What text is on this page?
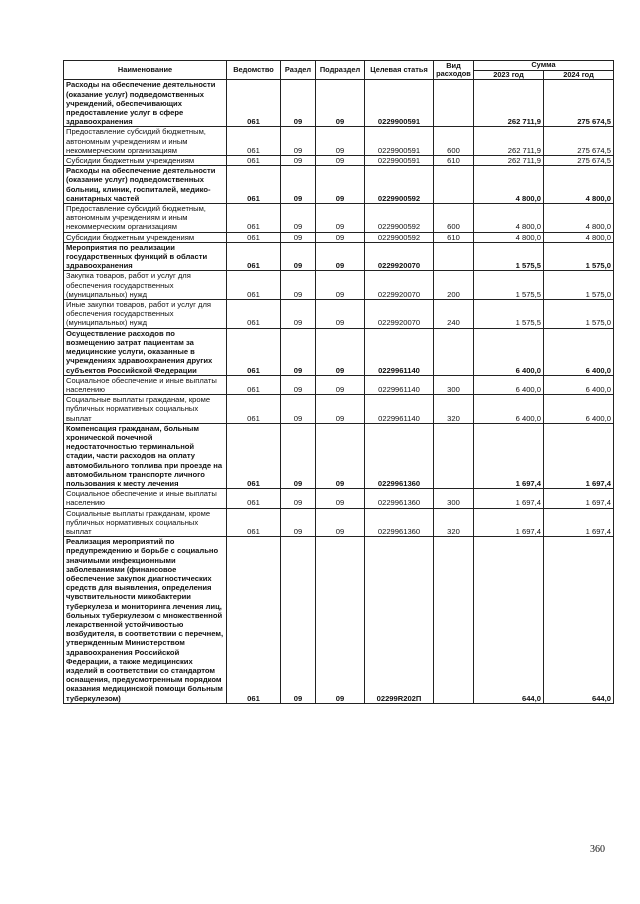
Наименование	Ведомство	Раздел	Подраздел	Целевая статья	Вид расходов	Сумма	
						2023 год	2024 год
Расходы на обеспечение деятельности (оказание услуг) подведомственных учреждений, обеспечивающих предоставление услуг в сфере здравоохранения	061	09	09	0229900591		262 711,9	275 674,5
Предоставление субсидий бюджетным, автономным учреждениям и иным некоммерческим организациям	061	09	09	0229900591	600	262 711,9	275 674,5
Субсидии бюджетным учреждениям	061	09	09	0229900591	610	262 711,9	275 674,5
Расходы на обеспечение деятельности (оказание услуг) подведомственных больниц, клиник, госпиталей, медико-санитарных частей	061	09	09	0229900592		4 800,0	4 800,0
Предоставление субсидий бюджетным, автономным учреждениям и иным некоммерческим организациям	061	09	09	0229900592	600	4 800,0	4 800,0
Субсидии бюджетным учреждениям	061	09	09	0229900592	610	4 800,0	4 800,0
Мероприятия по реализации государственных функций в области здравоохранения	061	09	09	0229920070		1 575,5	1 575,0
Закупка товаров, работ и услуг для обеспечения государственных (муниципальных) нужд	061	09	09	0229920070	200	1 575,5	1 575,0
Иные закупки товаров, работ и услуг для обеспечения государственных (муниципальных) нужд	061	09	09	0229920070	240	1 575,5	1 575,0
Осуществление расходов по возмещению затрат пациентам за медицинские услуги, оказанные в учреждениях здравоохранения других субъектов Российской Федерации	061	09	09	0229961140		6 400,0	6 400,0
Социальное обеспечение и иные выплаты населению	061	09	09	0229961140	300	6 400,0	6 400,0
Социальные выплаты гражданам, кроме публичных нормативных социальных выплат	061	09	09	0229961140	320	6 400,0	6 400,0
Компенсация гражданам, больным хронической почечной недостаточностью терминальной стадии, части расходов на оплату автомобильного топлива при проезде на автомобильном транспорте личного пользования к месту лечения	061	09	09	0229961360		1 697,4	1 697,4
Социальное обеспечение и иные выплаты населению	061	09	09	0229961360	300	1 697,4	1 697,4
Социальные выплаты гражданам, кроме публичных нормативных социальных выплат	061	09	09	0229961360	320	1 697,4	1 697,4
Реализация мероприятий по предупреждению и борьбе с социально значимыми инфекционными заболеваниями (финансовое обеспечение закупок диагностических средств для выявления, определения чувствительности микобактерии туберкулеза и мониторинга лечения лиц, больных туберкулезом с множественной лекарственной устойчивостью возбудителя, в соответствии с перечнем, утвержденным Министерством здравоохранения Российской Федерации, а также медицинских изделий в соответствии со стандартом оснащения, предусмотренным порядком оказания медицинской помощи больным туберкулезом)	061	09	09	02299R202П		644,0	644,0
360
